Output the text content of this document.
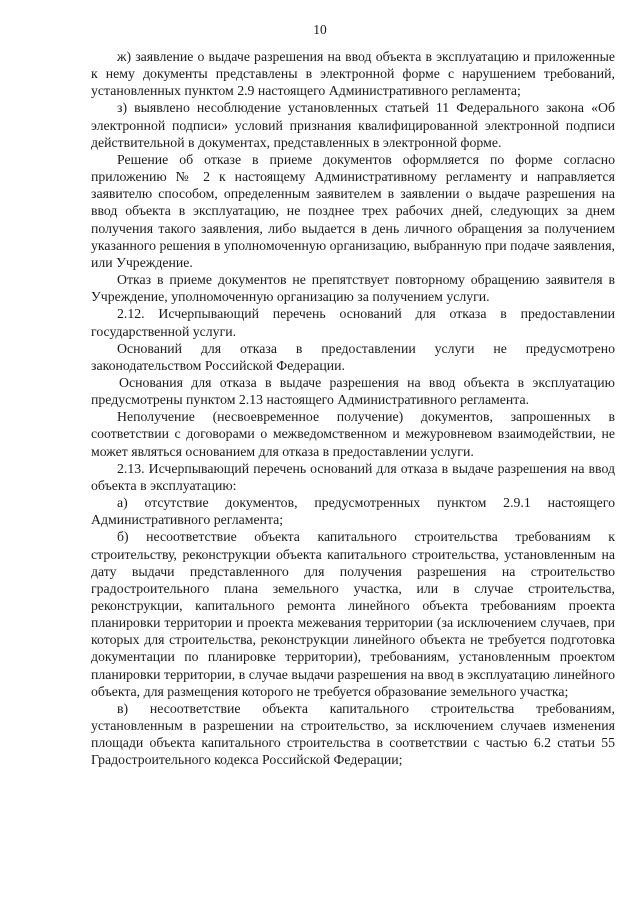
10

ж) заявление о выдаче разрешения на ввод объекта в эксплуатацию и приложенные к нему документы представлены в электронной форме с нарушением требований, установленных пунктом 2.9 настоящего Административного регламента;

з) выявлено несоблюдение установленных статьей 11 Федерального закона «Об электронной подписи» условий признания квалифицированной электронной подписи действительной в документах, представленных в электронной форме.

Решение об отказе в приеме документов оформляется по форме согласно приложению № 2 к настоящему Административному регламенту и направляется заявителю способом, определенным заявителем в заявлении о выдаче разрешения на ввод объекта в эксплуатацию, не позднее трех рабочих дней, следующих за днем получения такого заявления, либо выдается в день личного обращения за получением указанного решения в уполномоченную организацию, выбранную при подаче заявления, или Учреждение.

Отказ в приеме документов не препятствует повторному обращению заявителя в Учреждение, уполномоченную организацию за получением услуги.

2.12. Исчерпывающий перечень оснований для отказа в предоставлении государственной услуги.

Оснований для отказа в предоставлении услуги не предусмотрено законодательством Российской Федерации.

Основания для отказа в выдаче разрешения на ввод объекта в эксплуатацию предусмотрены пунктом 2.13 настоящего Административного регламента.

Неполучение (несвоевременное получение) документов, запрошенных в соответствии с договорами о межведомственном и межуровневом взаимодействии, не может являться основанием для отказа в предоставлении услуги.

2.13. Исчерпывающий перечень оснований для отказа в выдаче разрешения на ввод объекта в эксплуатацию:

а) отсутствие документов, предусмотренных пунктом 2.9.1 настоящего Административного регламента;

б) несоответствие объекта капитального строительства требованиям к строительству, реконструкции объекта капитального строительства, установленным на дату выдачи представленного для получения разрешения на строительство градостроительного плана земельного участка, или в случае строительства, реконструкции, капитального ремонта линейного объекта требованиям проекта планировки территории и проекта межевания территории (за исключением случаев, при которых для строительства, реконструкции линейного объекта не требуется подготовка документации по планировке территории), требованиям, установленным проектом планировки территории, в случае выдачи разрешения на ввод в эксплуатацию линейного объекта, для размещения которого не требуется образование земельного участка;

в) несоответствие объекта капитального строительства требованиям, установленным в разрешении на строительство, за исключением случаев изменения площади объекта капитального строительства в соответствии с частью 6.2 статьи 55 Градостроительного кодекса Российской Федерации;
